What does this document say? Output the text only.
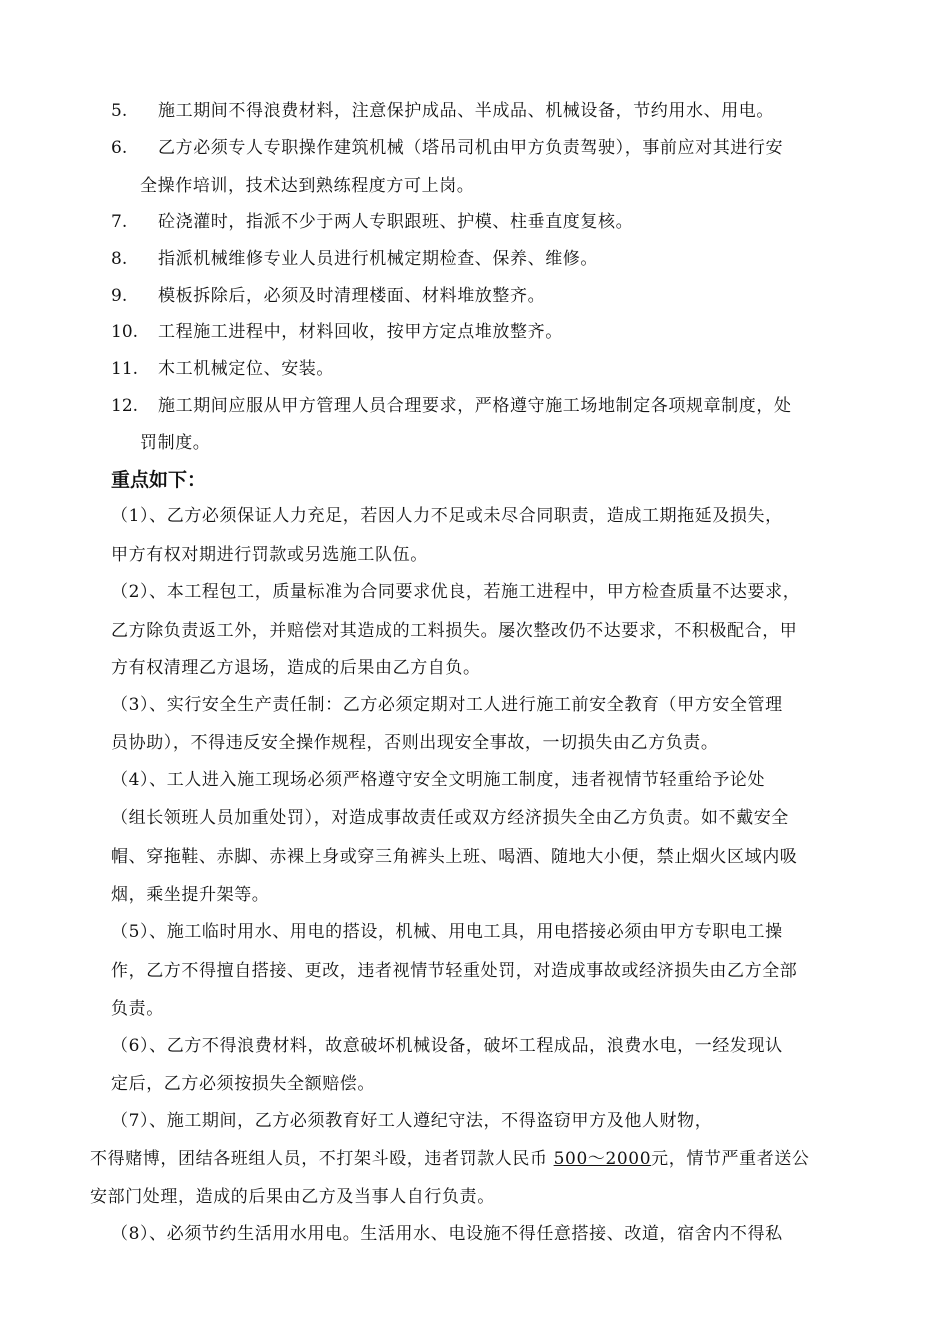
5. 施工期间不得浪费材料，注意保护成品、半成品、机械设备，节约用水、用电。
6. 乙方必须专人专职操作建筑机械（塔吊司机由甲方负责驾驶），事前应对其进行安
全操作培训，技术达到熟练程度方可上岗。
7. 砼浇灌时，指派不少于两人专职跟班、护模、柱垂直度复核。
8. 指派机械维修专业人员进行机械定期检查、保养、维修。
9. 模板拆除后，必须及时清理楼面、材料堆放整齐。
10. 工程施工进程中，材料回收，按甲方定点堆放整齐。
11. 木工机械定位、安装。
12. 施工期间应服从甲方管理人员合理要求，严格遵守施工场地制定各项规章制度，处
罚制度。
重点如下：
（1）、乙方必须保证人力充足，若因人力不足或未尽合同职责，造成工期拖延及损失，
甲方有权对期进行罚款或另选施工队伍。
（2）、本工程包工，质量标准为合同要求优良，若施工进程中，甲方检查质量不达要求，
乙方除负责返工外，并赔偿对其造成的工料损失。屡次整改仍不达要求，不积极配合，甲
方有权清理乙方退场，造成的后果由乙方自负。
（3）、实行安全生产责任制：乙方必须定期对工人进行施工前安全教育（甲方安全管理
员协助），不得违反安全操作规程，否则出现安全事故，一切损失由乙方负责。
（4）、工人进入施工现场必须严格遵守安全文明施工制度，违者视情节轻重给予论处
（组长领班人员加重处罚），对造成事故责任或双方经济损失全由乙方负责。如不戴安全
帽、穿拖鞋、赤脚、赤裸上身或穿三角裤头上班、喝酒、随地大小便，禁止烟火区域内吸
烟，乘坐提升架等。
（5）、施工临时用水、用电的搭设，机械、用电工具，用电搭接必须由甲方专职电工操
作，乙方不得擅自搭接、更改，违者视情节轻重处罚，对造成事故或经济损失由乙方全部
负责。
（6）、乙方不得浪费材料，故意破坏机械设备，破坏工程成品，浪费水电，一经发现认
定后，乙方必须按损失全额赔偿。
（7）、施工期间，乙方必须教育好工人遵纪守法，不得盗窃甲方及他人财物，
不得赌博，团结各班组人员，不打架斗殴，违者罚款人民币 500～2000元，情节严重者送公
安部门处理，造成的后果由乙方及当事人自行负责。
（8）、必须节约生活用水用电。生活用水、电设施不得任意搭接、改道，宿舍内不得私
